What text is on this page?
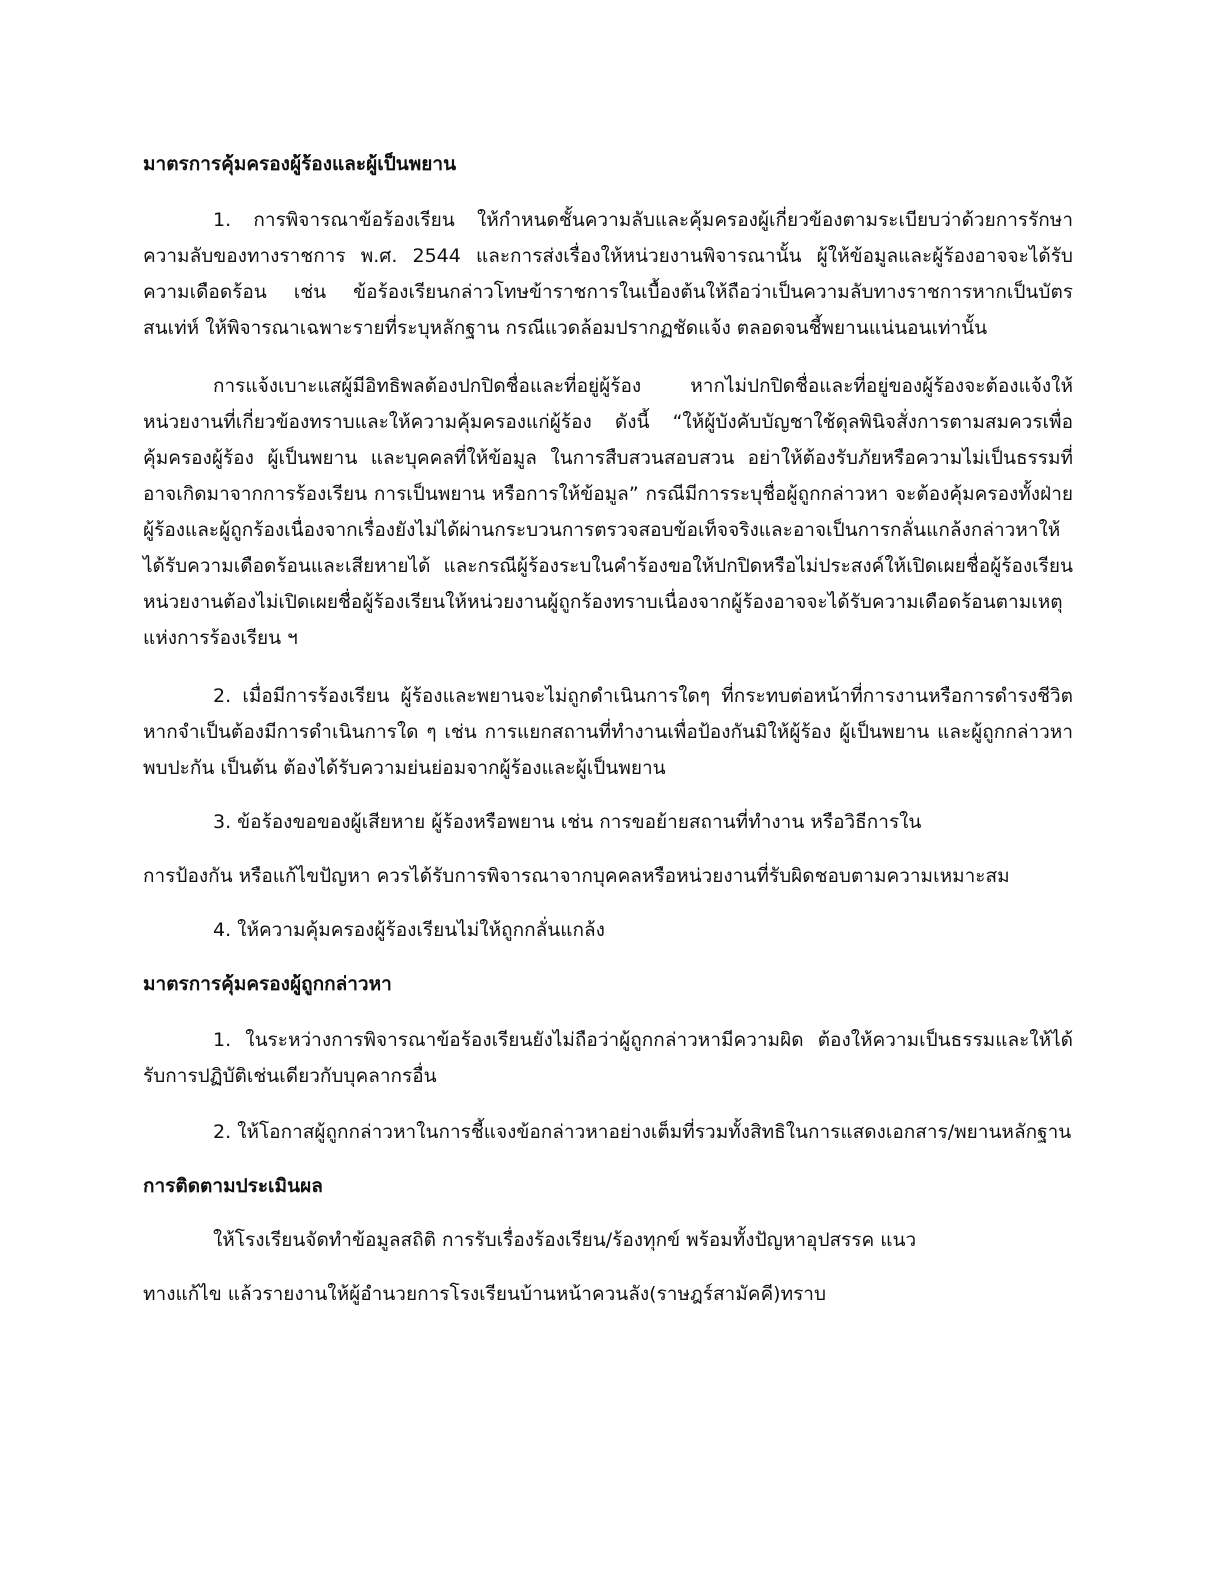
มาตรการคุ้มครองผู้ร้องและผู้เป็นพยาน

1. การพิจารณาข้อร้องเรียน ให้กำหนดชั้นความลับและคุ้มครองผู้เกี่ยวข้องตามระเบียบว่าด้วยการรักษาความลับของทางราชการ พ.ศ. 2544 และการส่งเรื่องให้หน่วยงานพิจารณานั้น ผู้ให้ข้อมูลและผู้ร้องอาจจะได้รับความเดือดร้อน เช่น ข้อร้องเรียนกล่าวโทษข้าราชการในเบื้องต้นให้ถือว่าเป็นความลับทางราชการหากเป็นบัตรสนเท่ห์ ให้พิจารณาเฉพาะรายที่ระบุหลักฐาน กรณีแวดล้อมปรากฏชัดแจ้ง ตลอดจนชี้พยานแน่นอนเท่านั้น

การแจ้งเบาะแสผู้มีอิทธิพลต้องปกปิดชื่อและที่อยู่ผู้ร้อง หากไม่ปกปิดชื่อและที่อยู่ของผู้ร้องจะต้องแจ้งให้หน่วยงานที่เกี่ยวข้องทราบและให้ความคุ้มครองแก่ผู้ร้อง ดังนี้ “ให้ผู้บังคับบัญชาใช้ดุลพินิจสั่งการตามสมควรเพื่อคุ้มครองผู้ร้อง ผู้เป็นพยาน และบุคคลที่ให้ข้อมูล ในการสืบสวนสอบสวน อย่าให้ต้องรับภัยหรือความไม่เป็นธรรมที่อาจเกิดมาจากการร้องเรียน การเป็นพยาน หรือการให้ข้อมูล” กรณีมีการระบุชื่อผู้ถูกกล่าวหา จะต้องคุ้มครองทั้งฝ่ายผู้ร้องและผู้ถูกร้องเนื่องจากเรื่องยังไม่ได้ผ่านกระบวนการตรวจสอบข้อเท็จจริงและอาจเป็นการกลั่นแกล้งกล่าวหาให้ได้รับความเดือดร้อนและเสียหายได้ และกรณีผู้ร้องระบในคำร้องขอให้ปกปิดหรือไม่ประสงค์ให้เปิดเผยชื่อผู้ร้องเรียน หน่วยงานต้องไม่เปิดเผยชื่อผู้ร้องเรียนให้หน่วยงานผู้ถูกร้องทราบเนื่องจากผู้ร้องอาจจะได้รับความเดือดร้อนตามเหตุแห่งการร้องเรียน ฯ

2. เมื่อมีการร้องเรียน ผู้ร้องและพยานจะไม่ถูกดำเนินการใดๆ ที่กระทบต่อหน้าที่การงานหรือการดำรงชีวิต หากจำเป็นต้องมีการดำเนินการใด ๆ เช่น การแยกสถานที่ทำงานเพื่อป้องกันมิให้ผู้ร้อง ผู้เป็นพยาน และผู้ถูกกล่าวหาพบปะกัน เป็นต้น ต้องได้รับความย่นย่อมจากผู้ร้องและผู้เป็นพยาน

3. ข้อร้องขอของผู้เสียหาย ผู้ร้องหรือพยาน เช่น การขอย้ายสถานที่ทำงาน หรือวิธีการใน

การป้องกัน หรือแก้ไขปัญหา ควรได้รับการพิจารณาจากบุคคลหรือหน่วยงานที่รับผิดชอบตามความเหมาะสม

4. ให้ความคุ้มครองผู้ร้องเรียนไม่ให้ถูกกลั่นแกล้ง

มาตรการคุ้มครองผู้ถูกกล่าวหา

1. ในระหว่างการพิจารณาข้อร้องเรียนยังไม่ถือว่าผู้ถูกกล่าวหามีความผิด ต้องให้ความเป็นธรรมและให้ได้รับการปฏิบัติเช่นเดียวกับบุคลากรอื่น

2. ให้โอกาสผู้ถูกกล่าวหาในการชี้แจงข้อกล่าวหาอย่างเต็มที่รวมทั้งสิทธิในการแสดงเอกสาร/พยานหลักฐาน

การติดตามประเมินผล

ให้โรงเรียนจัดทำข้อมูลสถิติ การรับเรื่องร้องเรียน/ร้องทุกข์ พร้อมทั้งปัญหาอุปสรรค แนว

ทางแก้ไข แล้วรายงานให้ผู้อำนวยการโรงเรียนบ้านหน้าควนลัง(ราษฎร์สามัคคี)ทราบ
